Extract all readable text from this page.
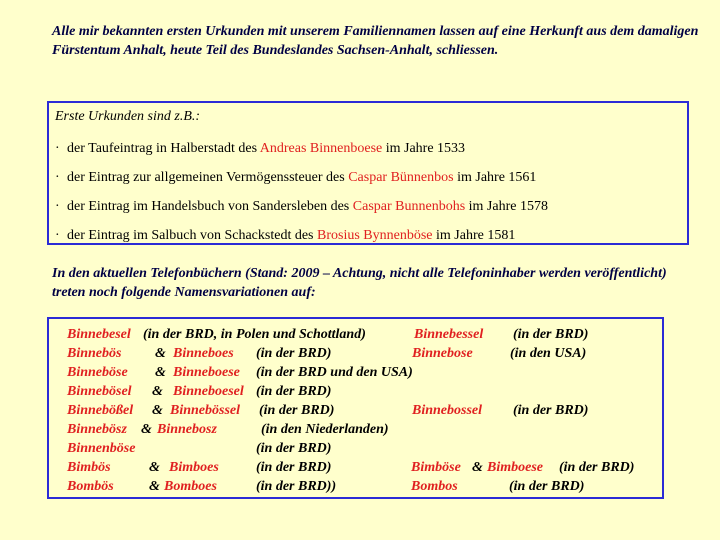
Alle mir bekannten ersten Urkunden mit unserem Familiennamen lassen auf eine Herkunft aus dem damaligen Fürstentum Anhalt, heute Teil des Bundeslandes Sachsen-Anhalt, schliessen.
Erste Urkunden sind z.B.:
· der Taufeintrag in Halberstadt des Andreas Binnenboese im Jahre 1533
· der Eintrag zur allgemeinen Vermögenssteuer des Caspar Bünnenbos im Jahre 1561
· der Eintrag im Handelsbuch von Sandersleben des Caspar Bunnenbohs im Jahre 1578
· der Eintrag im Salbuch von Schackstedt des Brosius Bynnenböse im Jahre 1581
In den aktuellen Telefonbüchern (Stand: 2009 – Achtung, nicht alle Telefoninhaber werden veröffentlicht) treten noch folgende Namensvariationen auf:
Binnebesel (in der BRD, in Polen und Schottland)	Binnebessel (in der BRD)
Binnebös & Binneboes (in der BRD)	Binnebose	(in den USA)
Binneböse & Binneboese (in der BRD und den USA)
Binnebösel & Binneboesel (in der BRD)
Binnebößel & Binnebössel (in der BRD)	Binnebossel (in der BRD)
Binnebösz & Binnebosz	(in den Niederlanden)
Binnenböse	(in der BRD)
Bimbös	& Bimboes	(in der BRD)	Bimböse & Bimboese (in der BRD)
Bombös	& Bomboes	(in der BRD))	Bombos	(in der BRD)
